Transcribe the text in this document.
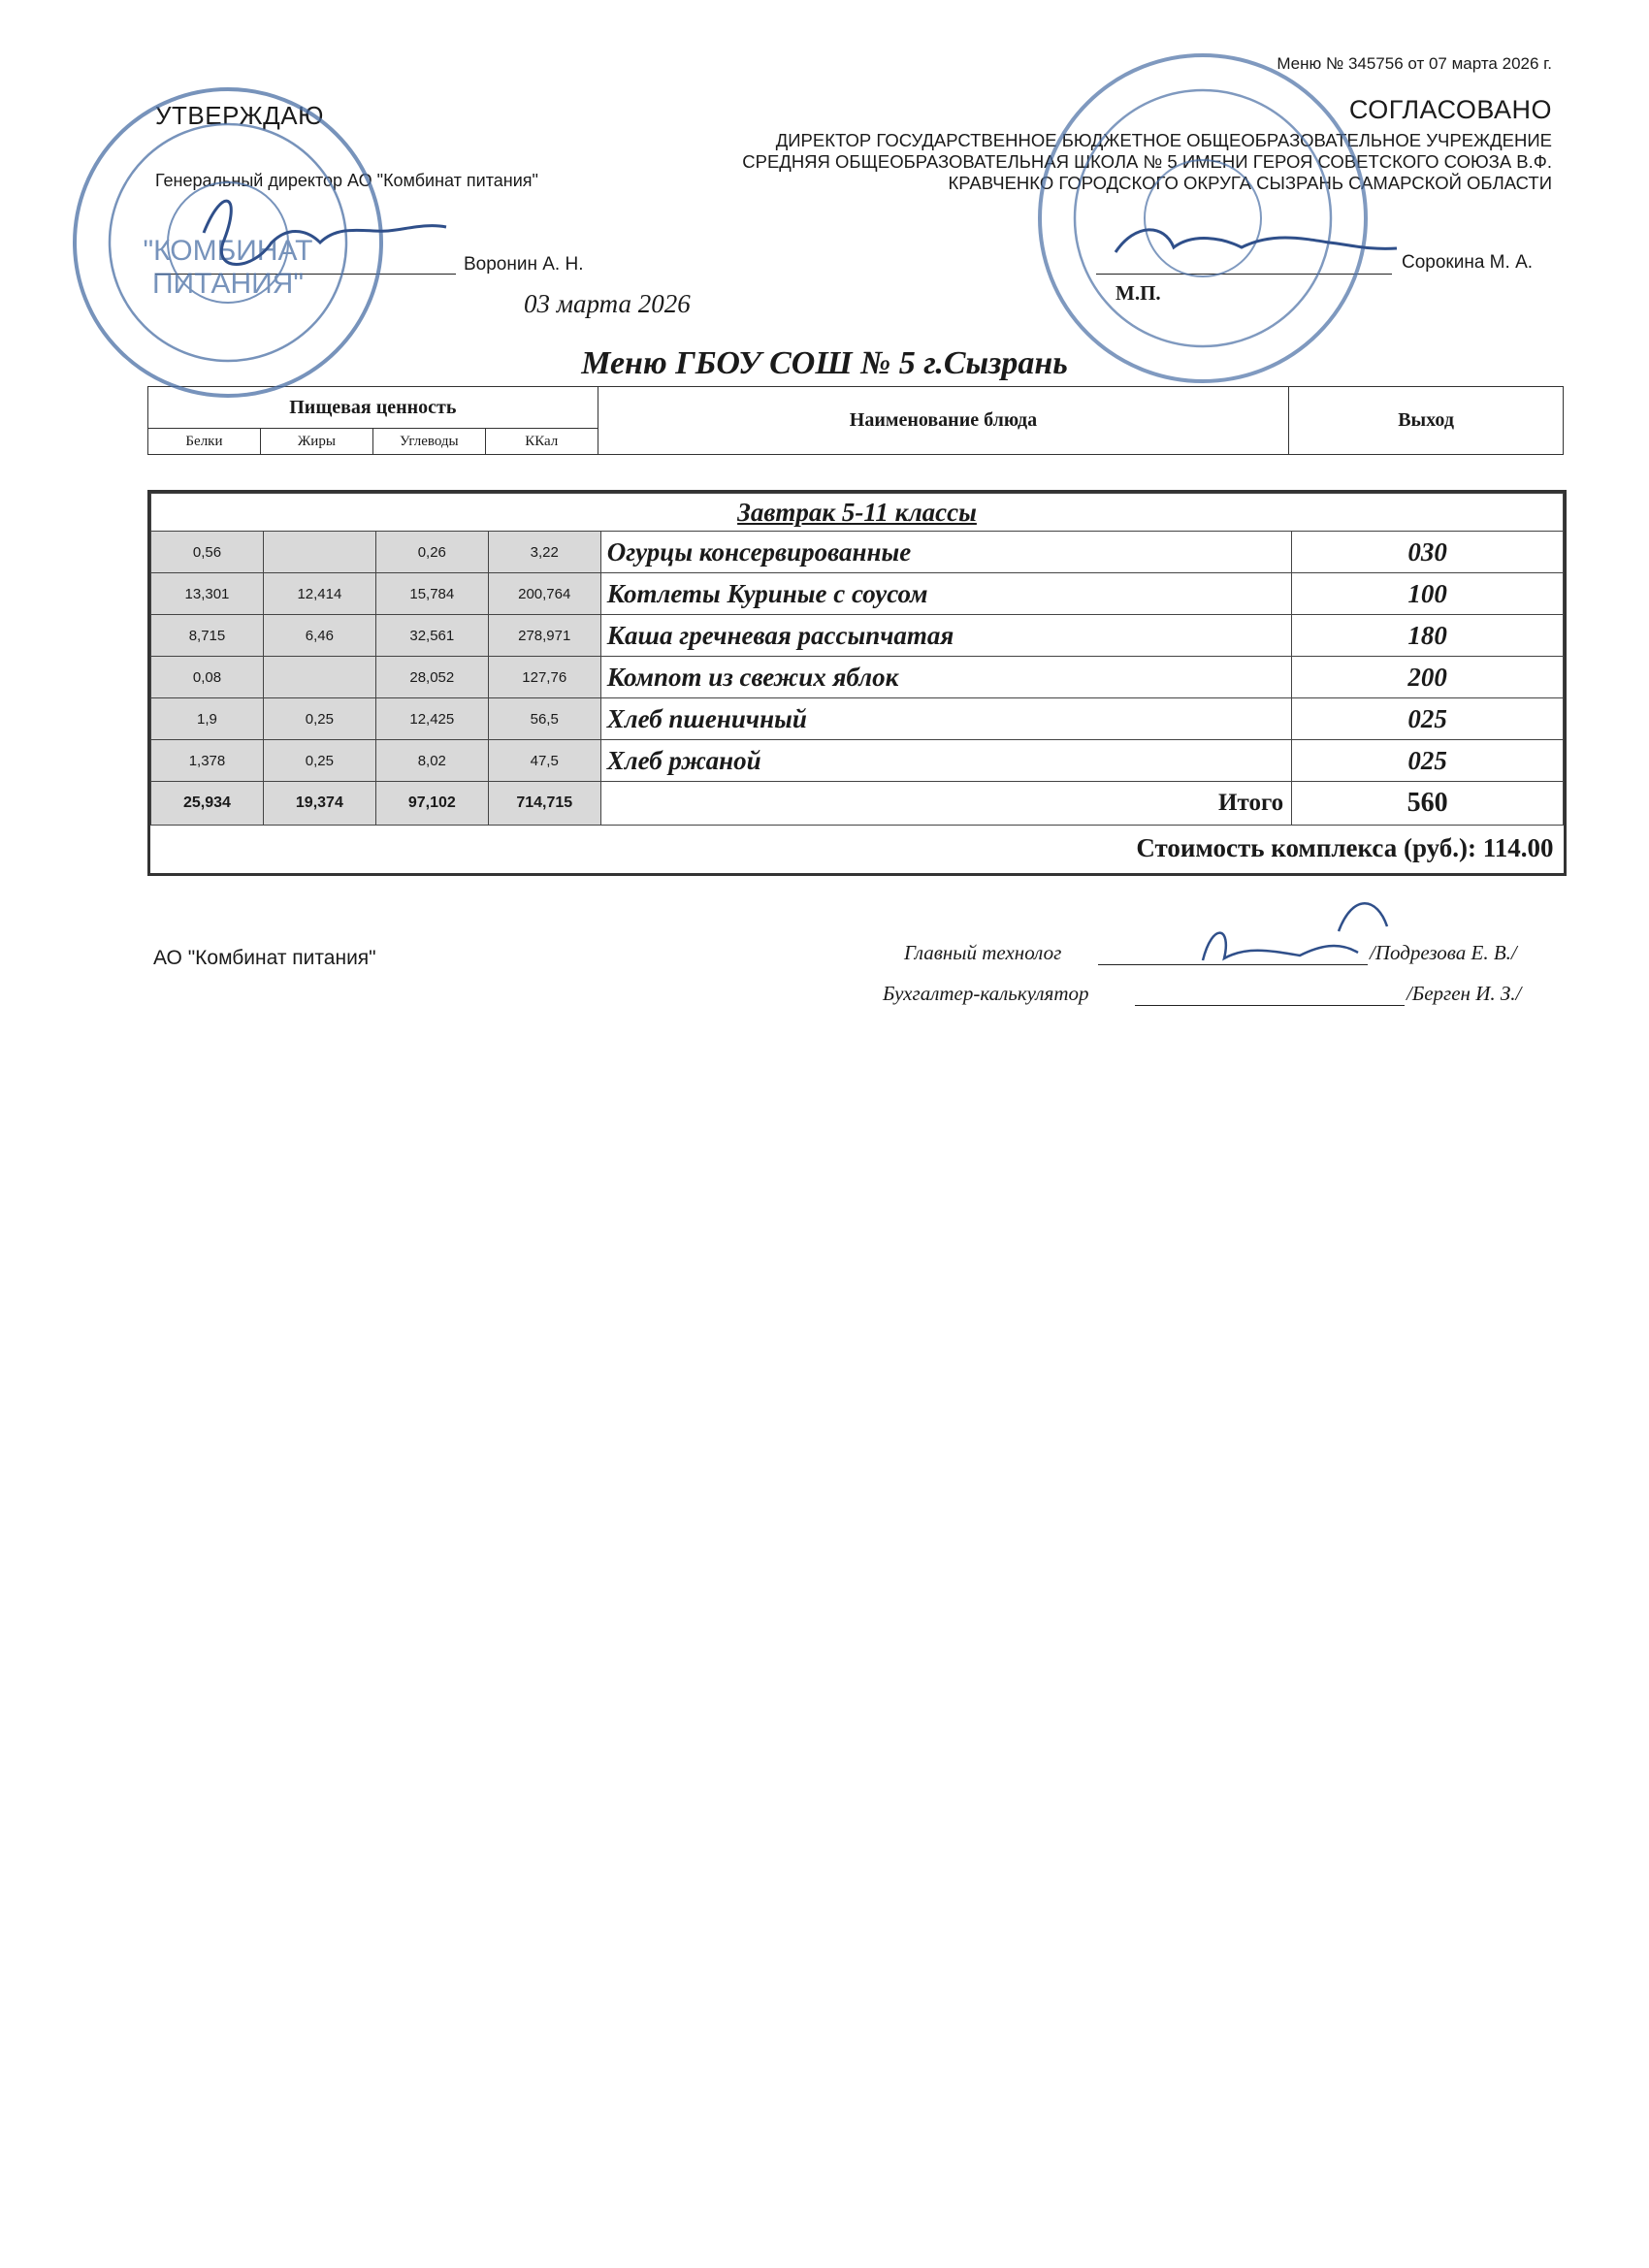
Меню № 345756 от 07 марта 2026 г.
УТВЕРЖДАЮ
Генеральный директор АО "Комбинат питания"
Воронин А. Н.
03 марта 2026
СОГЛАСОВАНО
ДИРЕКТОР ГОСУДАРСТВЕННОЕ БЮДЖЕТНОЕ ОБЩЕОБРАЗОВАТЕЛЬНОЕ УЧРЕЖДЕНИЕ СРЕДНЯЯ ОБЩЕОБРАЗОВАТЕЛЬНАЯ ШКОЛА № 5 ИМЕНИ ГЕРОЯ СОВЕТСКОГО СОЮЗА В.Ф. КРАВЧЕНКО ГОРОДСКОГО ОКРУГА СЫЗРАНЬ САМАРСКОЙ ОБЛАСТИ
Сорокина М. А.
М.П.
Меню ГБОУ СОШ № 5 г.Сызрань
Пищевая ценность				Наименование блюда	Выход
Белки	Жиры	Углеводы	ККал		
Завтрак 5-11 классы					
0,56		0,26	3,22	Огурцы консервированные	030
13,301	12,414	15,784	200,764	Котлеты Куриные с соусом	100
8,715	6,46	32,561	278,971	Каша гречневая рассыпчатая	180
0,08		28,052	127,76	Компот из свежих яблок	200
1,9	0,25	12,425	56,5	Хлеб пшеничный	025
1,378	0,25	8,02	47,5	Хлеб ржаной	025
25,934	19,374	97,102	714,715	Итого	560
Стоимость комплекса (руб.): 114.00					
АО "Комбинат питания"	Главный технолог	/Подрезова Е. В./
Бухгалтер-калькулятор	/Берген И. З./
"КОМБИНАТ
ПИТАНИЯ"
